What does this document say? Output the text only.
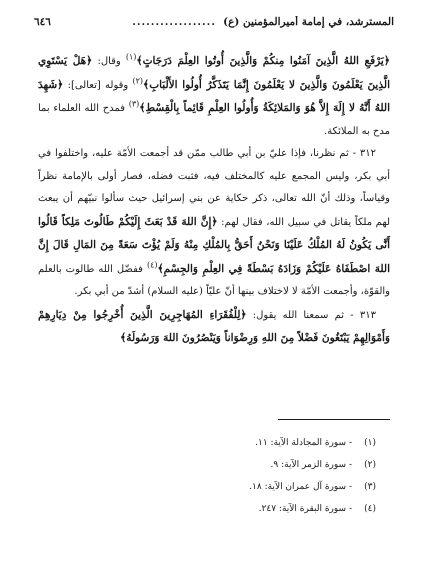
٦٤٦	.................. المسترشد، في إمامة أميرالمؤمنين (ع)

﴿يَرْفَعِ اللهُ الَّذِينَ آمَنُوا مِنكُمْ وَالَّذِينَ أُوتُوا العِلْمَ دَرَجَاتٍ﴾$^{(١)}$ وقال: ﴿هَلْ يَسْتَوِي الَّذِينَ يَعْلَمُونَ وَالَّذِينَ لا يَعْلَمُونَ إِنَّمَا يَتَذَكَّرُ أُولُوا الأَلْبَابِ﴾$^{(٢)}$ وقوله [تعالى]: ﴿شَهِدَ اللهُ أَنَّهُ لا إِلَهَ إِلاَّ هُوَ وَالمَلائِكَةُ وَأُولُوا العِلْمِ قَائِماً بِالْقِسْطِ﴾$^{(٣)}$ فمدح الله العلماء بما مدح به الملائكة.

٣١٢ - ثم نظرنا، فإذا عليّ بن أبي طالب ممّن قد أجمعت الأمّة عليه، واختلفوا في أبي بكر، وليس المجمع عليه كالمختلف فيه، فثبت فضله، فصار أولى بالإمامة نظراً وقياساً، وذلك أنّ الله تعالى، ذكر حكاية عن بني إسرائيل حيث سألوا نبيّهم أن يبعث لهم ملكاً يقاتل في سبيل الله، فقال لهم: ﴿إِنَّ اللهَ قَدْ بَعَثَ إِلَيْكُمْ طَالُوتَ مَلِكاً قَالُوا أَنَّى يَكُونُ لَهُ المُلْكُ عَلَيْنَا وَنَحْنُ أَحَقُّ بِالمُلْكِ مِنْهُ وَلَمْ يُؤْتَ سَعَةً مِنَ المَالِ قَالَ إِنَّ اللهَ اصْطَفَاهُ عَلَيْكُمْ وَزَادَهُ بَسْطَةً فِي العِلْمِ وَالجِسْمِ﴾$^{(٤)}$ ففضّل الله طالوت بالعلم والقوّة، وأجمعت الأمّة لا لاختلاف بينها أنّ عليّاً (عليه السلام) أشدّ من أبي بكر.

٣١٣ - ثم سمعنا الله يقول: ﴿لِلْفُقَرَاءِ المُهَاجِرِينَ الَّذِينَ أُخْرِجُوا مِنْ دِيَارِهِمْ وَأَمْوَالِهِمْ يَبْتَغُونَ فَضْلاً مِنَ اللهِ وَرِضْوَاناً وَيَنْصُرُونَ اللهَ وَرَسُولَهُ﴾

(١)- سورة المجادلة الآية: ١١.
(٢)- سورة الزمر الآية: ٩.
(٣)- سورة آل عمران الآية: ١٨.
(٤)- سورة البقرة الآية: ٢٤٧.
